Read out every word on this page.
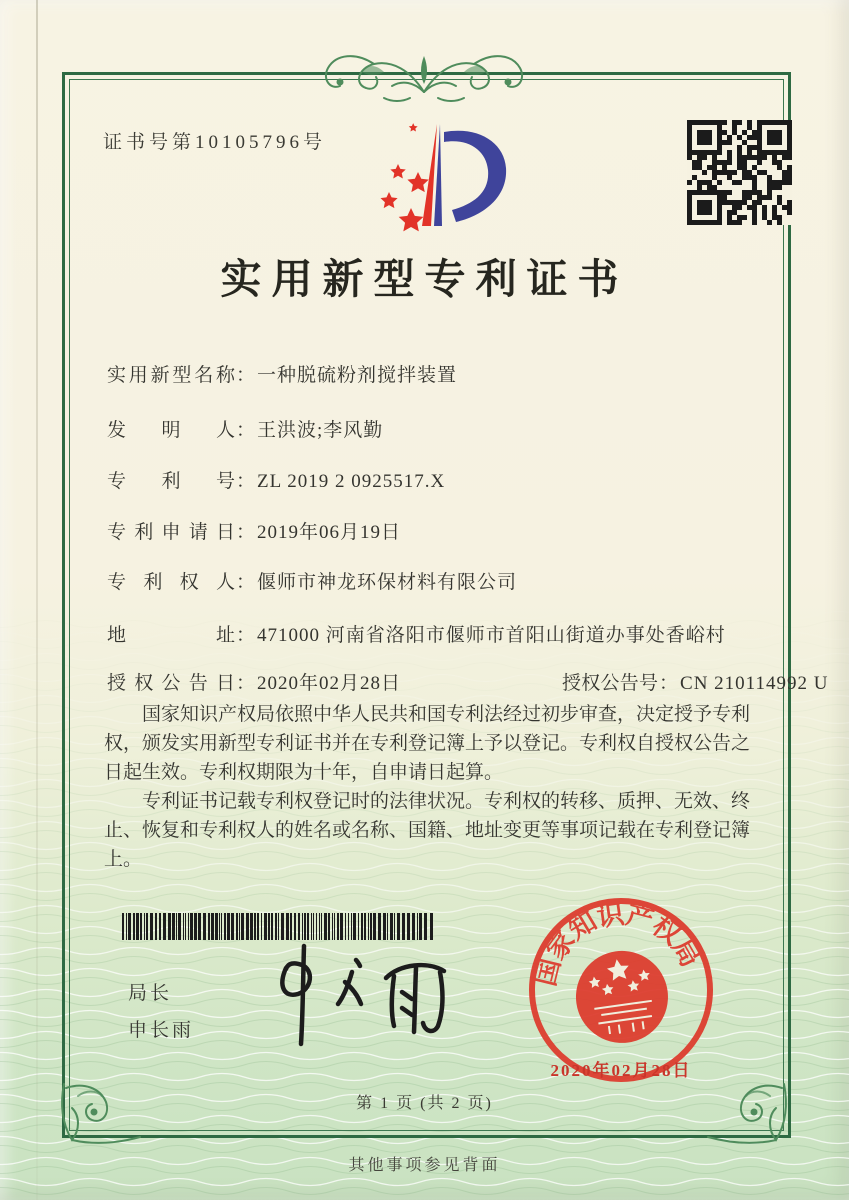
证书号第10105796号
实用新型专利证书
实用新型名称 ： 一种脱硫粉剂搅拌装置
发明人 ： 王洪波;李风勤
专利号 ： ZL 2019 2 0925517.X
专利申请日 ： 2019年06月19日
专利权人 ： 偃师市神龙环保材料有限公司
地址 ： 471000 河南省洛阳市偃师市首阳山街道办事处香峪村
授权公告日 ： 2020年02月28日	授权公告号 ： CN 210114992 U

国家知识产权局依照中华人民共和国专利法经过初步审查，决定授予专利权，颁发实用新型专利证书并在专利登记簿上予以登记。专利权自授权公告之日起生效。专利权期限为十年，自申请日起算。

专利证书记载专利权登记时的法律状况。专利权的转移、质押、无效、终止、恢复和专利权人的姓名或名称、国籍、地址变更等事项记载在专利登记簿上。

局长
申长雨
国家知识产权局
2020年02月28日
第 1 页 (共 2 页)
其他事项参见背面
